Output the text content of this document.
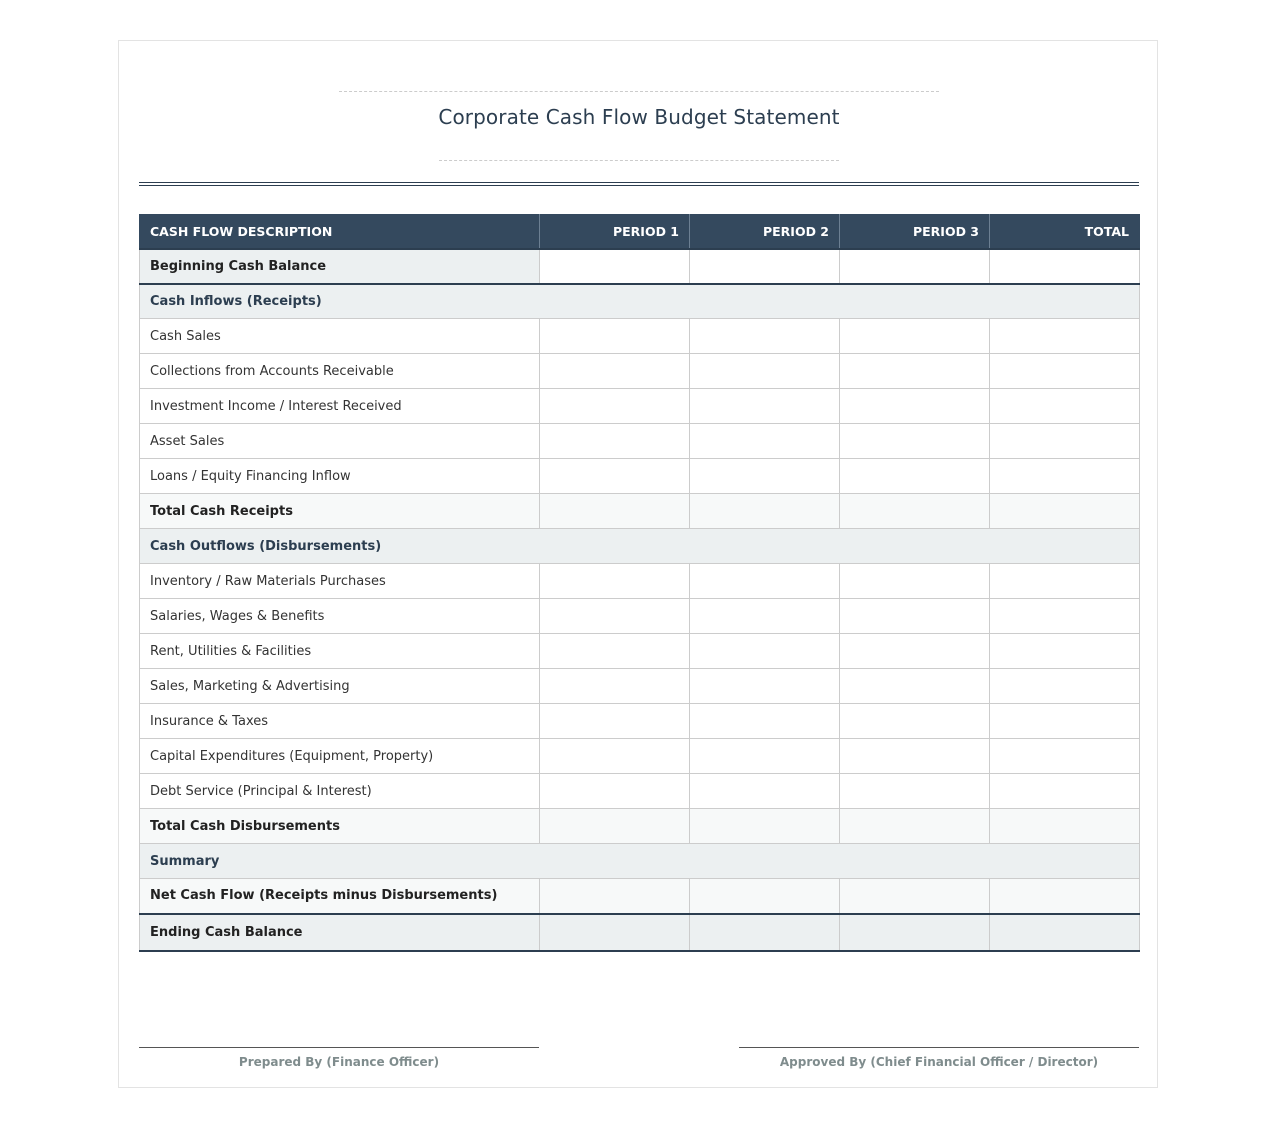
Corporate Cash Flow Budget Statement
CASH FLOW DESCRIPTION	PERIOD 1	PERIOD 2	PERIOD 3	TOTAL
Beginning Cash Balance				
Cash Inflows (Receipts)				
Cash Sales				
Collections from Accounts Receivable				
Investment Income / Interest Received				
Asset Sales				
Loans / Equity Financing Inflow				
Total Cash Receipts				
Cash Outflows (Disbursements)				
Inventory / Raw Materials Purchases				
Salaries, Wages & Benefits				
Rent, Utilities & Facilities				
Sales, Marketing & Advertising				
Insurance & Taxes				
Capital Expenditures (Equipment, Property)				
Debt Service (Principal & Interest)				
Total Cash Disbursements				
Summary				
Net Cash Flow (Receipts minus Disbursements)				
Ending Cash Balance				
Prepared By (Finance Officer)	Approved By (Chief Financial Officer / Director)
